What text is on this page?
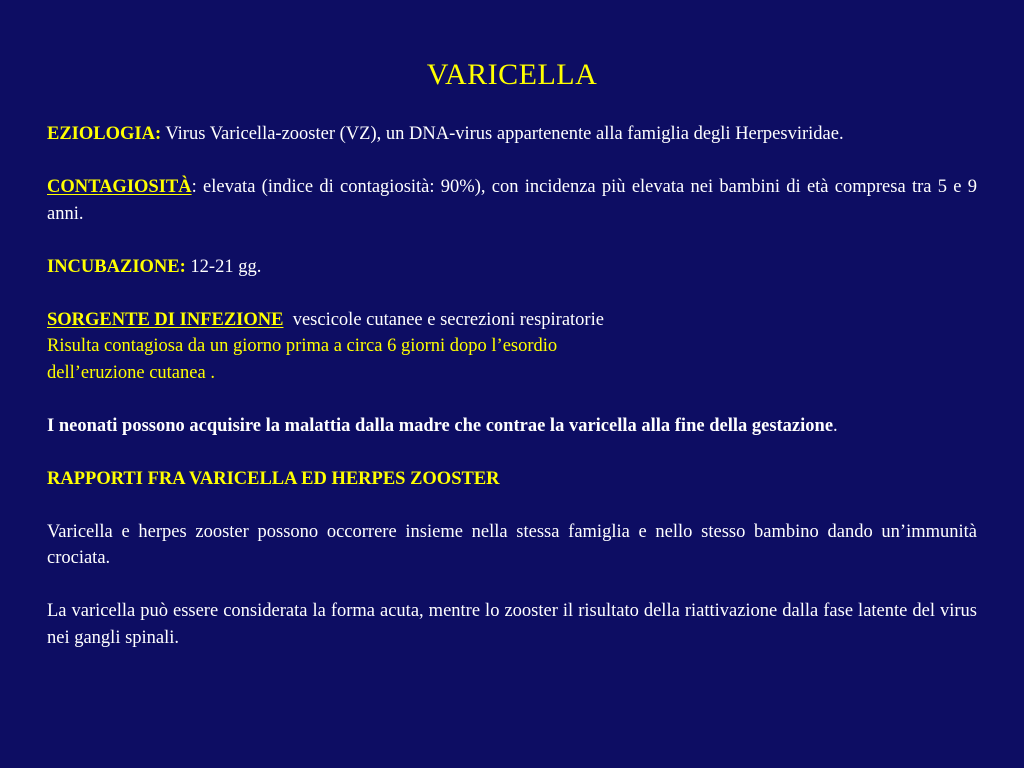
VARICELLA

EZIOLOGIA: Virus Varicella-zooster (VZ), un DNA-virus appartenente alla famiglia degli Herpesviridae.

CONTAGIOSITÀ: elevata (indice di contagiosità: 90%), con incidenza più elevata nei bambini di età compresa tra 5 e 9 anni.

INCUBAZIONE: 12-21 gg.

SORGENTE DI INFEZIONE  vescicole cutanee e secrezioni respiratorie
Risulta contagiosa da un giorno prima a circa 6 giorni dopo l’esordio
dell’eruzione cutanea .

I neonati possono acquisire la malattia dalla madre che contrae la varicella alla fine della gestazione.

RAPPORTI FRA VARICELLA ED HERPES ZOOSTER

Varicella e herpes zooster possono occorrere insieme nella stessa famiglia e nello stesso bambino dando un’immunità crociata.

La varicella può essere considerata la forma acuta, mentre lo zooster il risultato della riattivazione dalla fase latente del virus nei gangli spinali.
